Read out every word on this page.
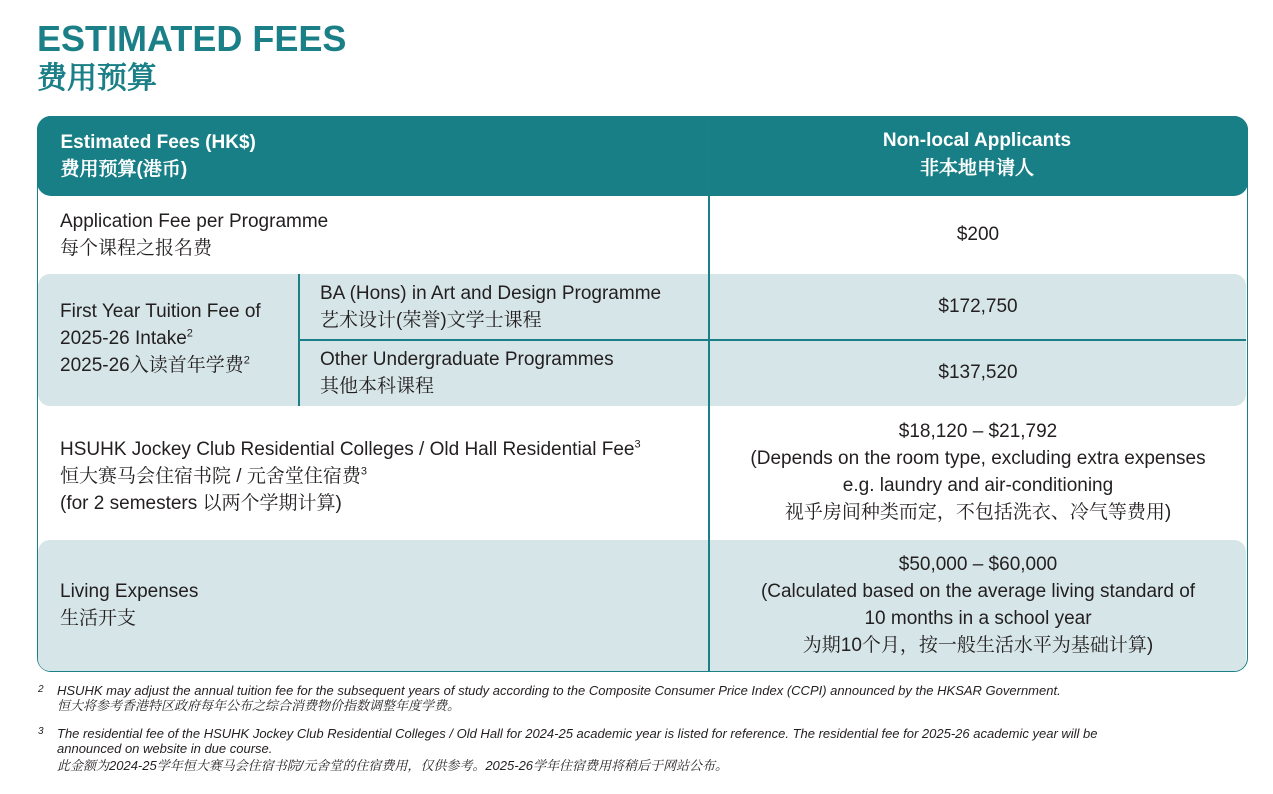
ESTIMATED FEES
费用预算
Estimated Fees (HK$)
费用预算(港币)
Non-local Applicants
非本地申请人
Application Fee per Programme
每个课程之报名费
$200
First Year Tuition Fee of
2025-26 Intake$^2$
2025-26入读首年学费$^2$
BA (Hons) in Art and Design Programme
艺术设计(荣誉)文学士课程
$172,750
Other Undergraduate Programmes
其他本科课程
$137,520
HSUHK Jockey Club Residential Colleges / Old Hall Residential Fee$^3$
恒大赛马会住宿书院 / 元舍堂住宿费$^3$
(for 2 semesters 以两个学期计算)
$18,120 – $21,792
(Depends on the room type, excluding extra expenses
e.g. laundry and air-conditioning
视乎房间种类而定，不包括洗衣、冷气等费用)
Living Expenses
生活开支
$50,000 – $60,000
(Calculated based on the average living standard of
10 months in a school year
为期10个月，按一般生活水平为基础计算)
2 HSUHK may adjust the annual tuition fee for the subsequent years of study according to the Composite Consumer Price Index (CCPI) announced by the HKSAR Government.
恒大将参考香港特区政府每年公布之综合消费物价指数调整年度学费。
3 The residential fee of the HSUHK Jockey Club Residential Colleges / Old Hall for 2024-25 academic year is listed for reference. The residential fee for 2025-26 academic year will be
announced on website in due course.
此金额为2024-25学年恒大赛马会住宿书院/元舍堂的住宿费用，仅供参考。2025-26学年住宿费用将稍后于网站公布。
